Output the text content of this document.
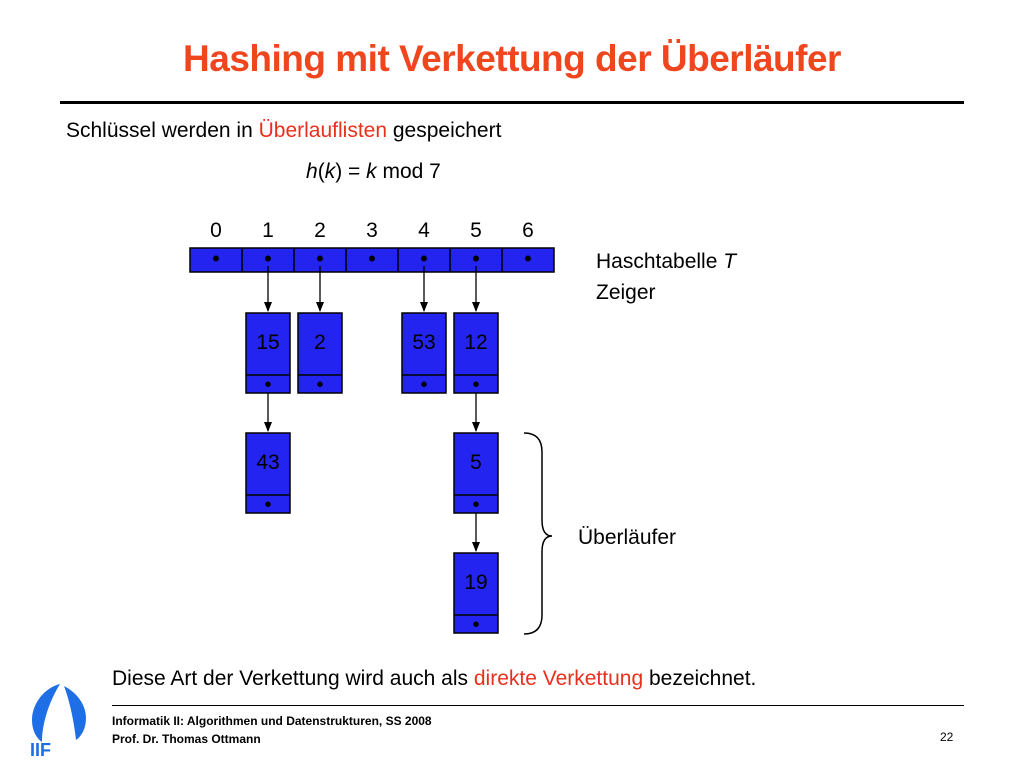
Hashing mit Verkettung der Überläufer
Schlüssel werden in Überlauflisten gespeichert
h(k) = k mod 7
0
•
1
•
2
•
3
•
4
•
5
•
6
•
15
•
43
•
2
•
53
•
12
•
5
•
19
•
Haschtabelle T
Zeiger
Überläufer
Diese Art der Verkettung wird auch als direkte Verkettung bezeichnet.
IIF
Informatik II: Algorithmen und Datenstrukturen, SS 2008
Prof. Dr. Thomas Ottmann	22
